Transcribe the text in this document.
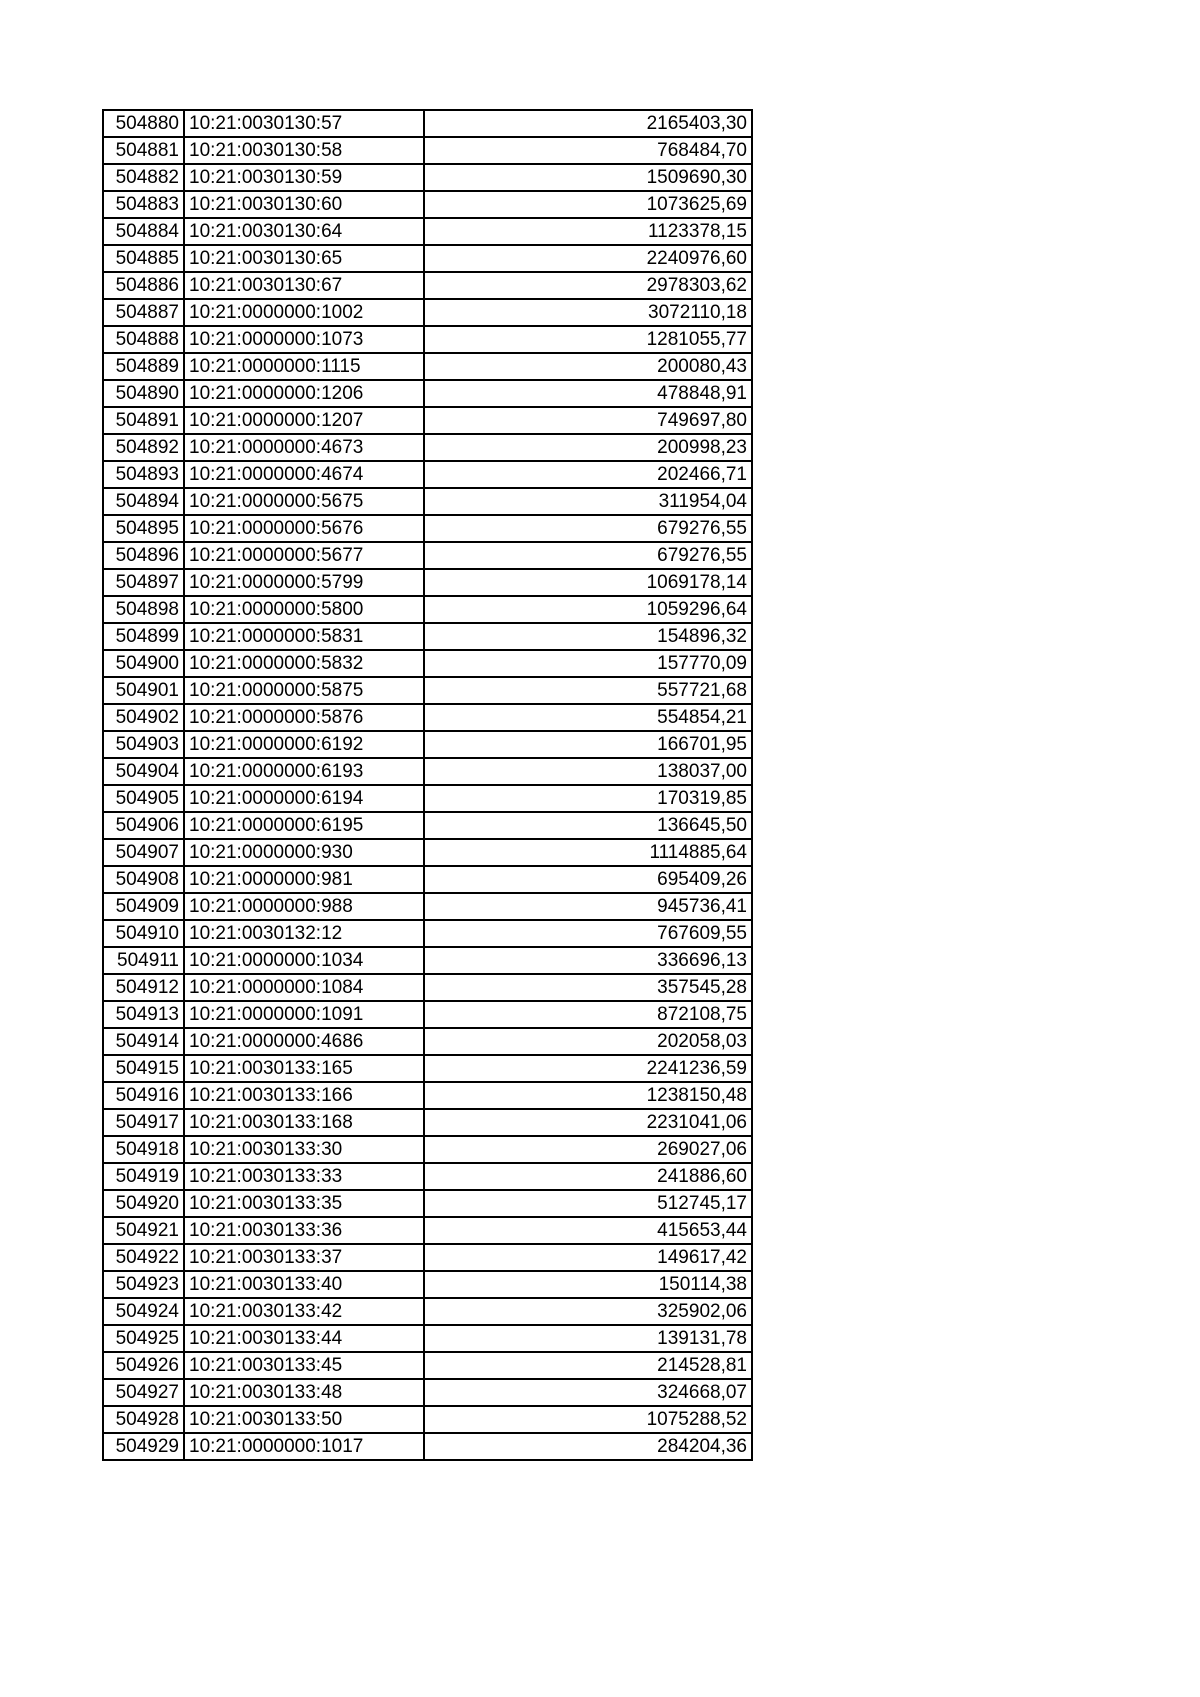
504880	10:21:0030130:57	2165403,30
504881	10:21:0030130:58	768484,70
504882	10:21:0030130:59	1509690,30
504883	10:21:0030130:60	1073625,69
504884	10:21:0030130:64	1123378,15
504885	10:21:0030130:65	2240976,60
504886	10:21:0030130:67	2978303,62
504887	10:21:0000000:1002	3072110,18
504888	10:21:0000000:1073	1281055,77
504889	10:21:0000000:1115	200080,43
504890	10:21:0000000:1206	478848,91
504891	10:21:0000000:1207	749697,80
504892	10:21:0000000:4673	200998,23
504893	10:21:0000000:4674	202466,71
504894	10:21:0000000:5675	311954,04
504895	10:21:0000000:5676	679276,55
504896	10:21:0000000:5677	679276,55
504897	10:21:0000000:5799	1069178,14
504898	10:21:0000000:5800	1059296,64
504899	10:21:0000000:5831	154896,32
504900	10:21:0000000:5832	157770,09
504901	10:21:0000000:5875	557721,68
504902	10:21:0000000:5876	554854,21
504903	10:21:0000000:6192	166701,95
504904	10:21:0000000:6193	138037,00
504905	10:21:0000000:6194	170319,85
504906	10:21:0000000:6195	136645,50
504907	10:21:0000000:930	1114885,64
504908	10:21:0000000:981	695409,26
504909	10:21:0000000:988	945736,41
504910	10:21:0030132:12	767609,55
504911	10:21:0000000:1034	336696,13
504912	10:21:0000000:1084	357545,28
504913	10:21:0000000:1091	872108,75
504914	10:21:0000000:4686	202058,03
504915	10:21:0030133:165	2241236,59
504916	10:21:0030133:166	1238150,48
504917	10:21:0030133:168	2231041,06
504918	10:21:0030133:30	269027,06
504919	10:21:0030133:33	241886,60
504920	10:21:0030133:35	512745,17
504921	10:21:0030133:36	415653,44
504922	10:21:0030133:37	149617,42
504923	10:21:0030133:40	150114,38
504924	10:21:0030133:42	325902,06
504925	10:21:0030133:44	139131,78
504926	10:21:0030133:45	214528,81
504927	10:21:0030133:48	324668,07
504928	10:21:0030133:50	1075288,52
504929	10:21:0000000:1017	284204,36
